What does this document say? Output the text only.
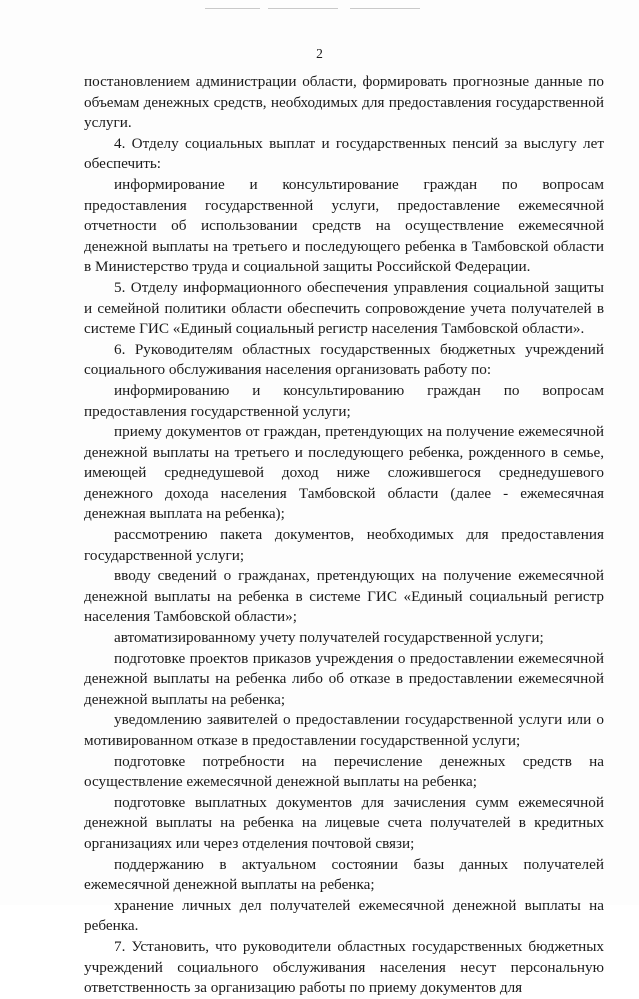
2

постановлением администрации области, формировать прогнозные данные по объемам денежных средств, необходимых для предоставления государственной услуги.

4. Отделу социальных выплат и государственных пенсий за выслугу лет обеспечить:

информирование и консультирование граждан по вопросам предоставления государственной услуги, предоставление ежемесячной отчетности об использовании средств на осуществление ежемесячной денежной выплаты на третьего и последующего ребенка в Тамбовской области в Министерство труда и социальной защиты Российской Федерации.

5. Отделу информационного обеспечения управления социальной защиты и семейной политики области обеспечить сопровождение учета получателей в системе ГИС «Единый социальный регистр населения Тамбовской области».

6. Руководителям областных государственных бюджетных учреждений социального обслуживания населения организовать работу по:

информированию и консультированию граждан по вопросам предоставления государственной услуги;

приему документов от граждан, претендующих на получение ежемесячной денежной выплаты на третьего и последующего ребенка, рожденного в семье, имеющей среднедушевой доход ниже сложившегося среднедушевого денежного дохода населения Тамбовской области (далее - ежемесячная денежная выплата на ребенка);

рассмотрению пакета документов, необходимых для предоставления государственной услуги;

вводу сведений о гражданах, претендующих на получение ежемесячной денежной выплаты на ребенка в системе ГИС «Единый социальный регистр населения Тамбовской области»;

автоматизированному учету получателей государственной услуги;

подготовке проектов приказов учреждения о предоставлении ежемесячной денежной выплаты на ребенка либо об отказе в предоставлении ежемесячной денежной выплаты на ребенка;

уведомлению заявителей о предоставлении государственной услуги или о мотивированном отказе в предоставлении государственной услуги;

подготовке потребности на перечисление денежных средств на осуществление ежемесячной денежной выплаты на ребенка;

подготовке выплатных документов для зачисления сумм ежемесячной денежной выплаты на ребенка на лицевые счета получателей в кредитных организациях или через отделения почтовой связи;

поддержанию в актуальном состоянии базы данных получателей ежемесячной денежной выплаты на ребенка;

хранение личных дел получателей ежемесячной денежной выплаты на ребенка.

7. Установить, что руководители областных государственных бюджетных учреждений социального обслуживания населения несут персональную ответственность за организацию работы по приему документов для
